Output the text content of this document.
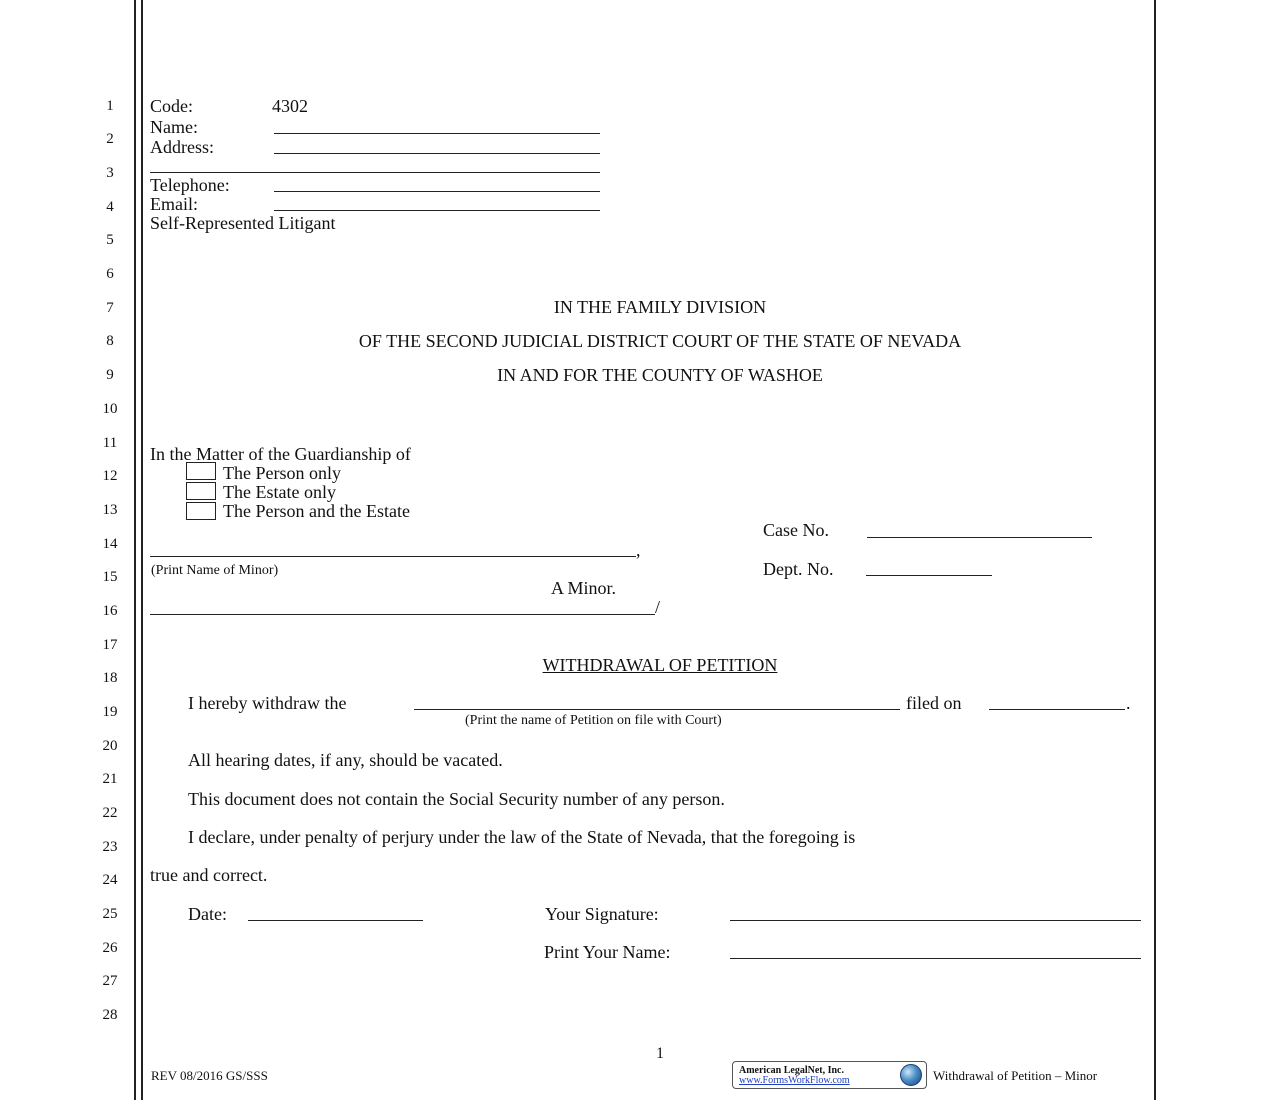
1
2
3
4
5
6
7
8
9
10
11
12
13
14
15
16
17
18
19
20
21
22
23
24
25
26
27
28
Code:	4302
Name:
Address:
Telephone:
Email:
Self-Represented Litigant
IN THE FAMILY DIVISION
OF THE SECOND JUDICIAL DISTRICT COURT OF THE STATE OF NEVADA
IN AND FOR THE COUNTY OF WASHOE
In the Matter of the Guardianship of
The Person only
The Estate only
The Person and the Estate
,
(Print Name of Minor)
A Minor.
/
Case No.
Dept. No.
WITHDRAWAL OF PETITION
I hereby withdraw the	filed on	.
(Print the name of Petition on file with Court)
All hearing dates, if any, should be vacated.
This document does not contain the Social Security number of any person.
I declare, under penalty of perjury under the law of the State of Nevada, that the foregoing is
true and correct.
Date:	Your Signature:
Print Your Name:
1
REV 08/2016 GS/SSS	American LegalNet, Inc.
www.FormsWorkFlow.com	Withdrawal of Petition – Minor
